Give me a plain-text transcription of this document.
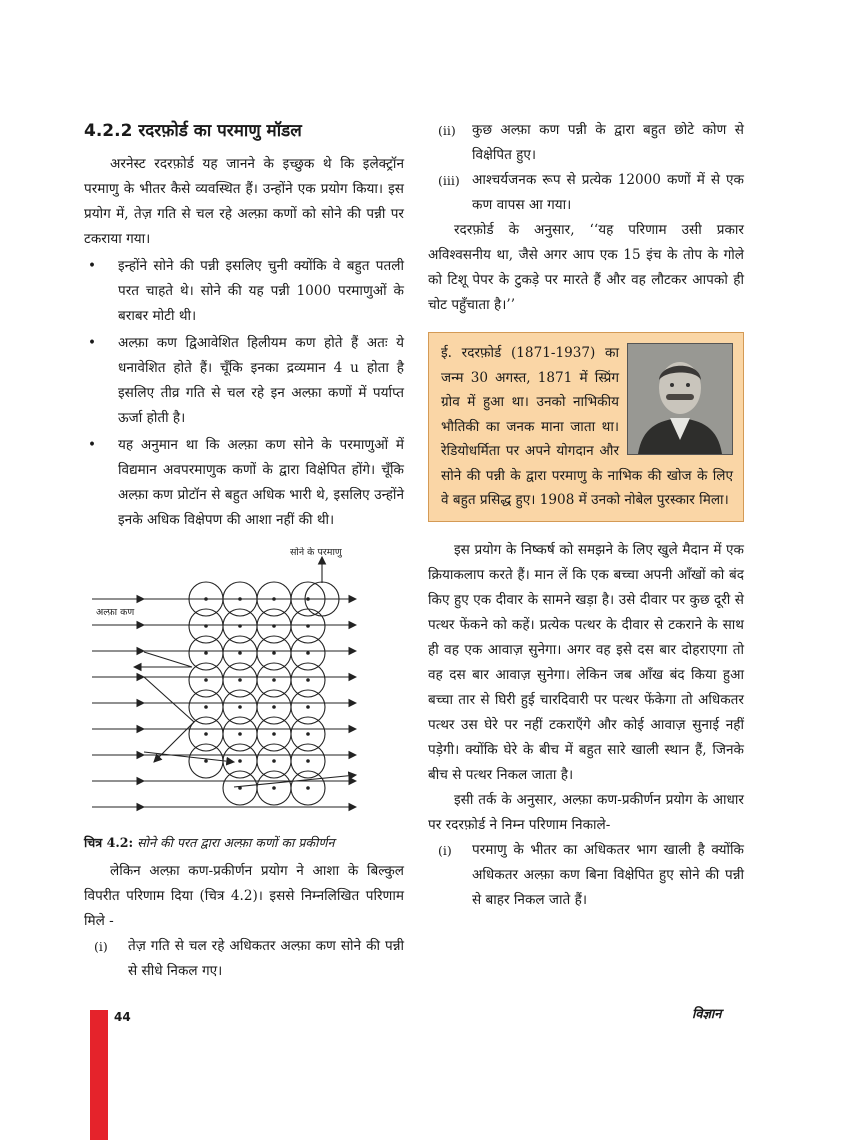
4.2.2 रदरफ़ोर्ड का परमाणु मॉडल

अरनेस्ट रदरफ़ोर्ड यह जानने के इच्छुक थे कि इलेक्ट्रॉन परमाणु के भीतर कैसे व्यवस्थित हैं। उन्होंने एक प्रयोग किया। इस प्रयोग में, तेज़ गति से चल रहे अल्फ़ा कणों को सोने की पन्नी पर टकराया गया।

• इन्होंने सोने की पन्नी इसलिए चुनी क्योंकि वे बहुत पतली परत चाहते थे। सोने की यह पन्नी 1000 परमाणुओं के बराबर मोटी थी।
• अल्फ़ा कण द्विआवेशित हिलीयम कण होते हैं अतः ये धनावेशित होते हैं। चूँकि इनका द्रव्यमान 4 u होता है इसलिए तीव्र गति से चल रहे इन अल्फ़ा कणों में पर्याप्त ऊर्जा होती है।
• यह अनुमान था कि अल्फ़ा कण सोने के परमाणुओं में विद्यमान अवपरमाणुक कणों के द्वारा विक्षेपित होंगे। चूँकि अल्फ़ा कण प्रोटॉन से बहुत अधिक भारी थे, इसलिए उन्होंने इनके अधिक विक्षेपण की आशा नहीं की थी।
सोने के परमाणु
अल्फ़ा कण

चित्र 4.2: सोने की परत द्वारा अल्फ़ा कणों का प्रकीर्णन

लेकिन अल्फ़ा कण-प्रकीर्णन प्रयोग ने आशा के बिल्कुल विपरीत परिणाम दिया (चित्र 4.2)। इससे निम्नलिखित परिणाम मिले -

(i) तेज़ गति से चल रहे अधिकतर अल्फ़ा कण सोने की पन्नी से सीधे निकल गए।
(ii) कुछ अल्फ़ा कण पन्नी के द्वारा बहुत छोटे कोण से विक्षेपित हुए।
(iii) आश्चर्यजनक रूप से प्रत्येक 12000 कणों में से एक कण वापस आ गया।

रदरफ़ोर्ड के अनुसार, ‘‘यह परिणाम उसी प्रकार अविश्वसनीय था, जैसे अगर आप एक 15 इंच के तोप के गोले को टिशू पेपर के टुकड़े पर मारते हैं और वह लौटकर आपको ही चोट पहुँचाता है।’’

ई. रदरफ़ोर्ड (1871-1937) का जन्म 30 अगस्त, 1871 में स्प्रिंग ग्रोव में हुआ था। उनको नाभिकीय भौतिकी का जनक माना जाता था। रेडियोधर्मिता पर अपने योगदान और सोने की पन्नी के द्वारा परमाणु के नाभिक की खोज के लिए वे बहुत प्रसिद्ध हुए। 1908 में उनको नोबेल पुरस्कार मिला।

इस प्रयोग के निष्कर्ष को समझने के लिए खुले मैदान में एक क्रियाकलाप करते हैं। मान लें कि एक बच्चा अपनी आँखों को बंद किए हुए एक दीवार के सामने खड़ा है। उसे दीवार पर कुछ दूरी से पत्थर फेंकने को कहें। प्रत्येक पत्थर के दीवार से टकराने के साथ ही वह एक आवाज़ सुनेगा। अगर वह इसे दस बार दोहराएगा तो वह दस बार आवाज़ सुनेगा। लेकिन जब आँख बंद किया हुआ बच्चा तार से घिरी हुई चारदिवारी पर पत्थर फेंकेगा तो अधिकतर पत्थर उस घेरे पर नहीं टकराएँगे और कोई आवाज़ सुनाई नहीं पड़ेगी। क्योंकि घेरे के बीच में बहुत सारे खाली स्थान हैं, जिनके बीच से पत्थर निकल जाता है।

इसी तर्क के अनुसार, अल्फ़ा कण-प्रकीर्णन प्रयोग के आधार पर रदरफ़ोर्ड ने निम्न परिणाम निकाले-

(i) परमाणु के भीतर का अधिकतर भाग खाली है क्योंकि अधिकतर अल्फ़ा कण बिना विक्षेपित हुए सोने की पन्नी से बाहर निकल जाते हैं।
44	विज्ञान
